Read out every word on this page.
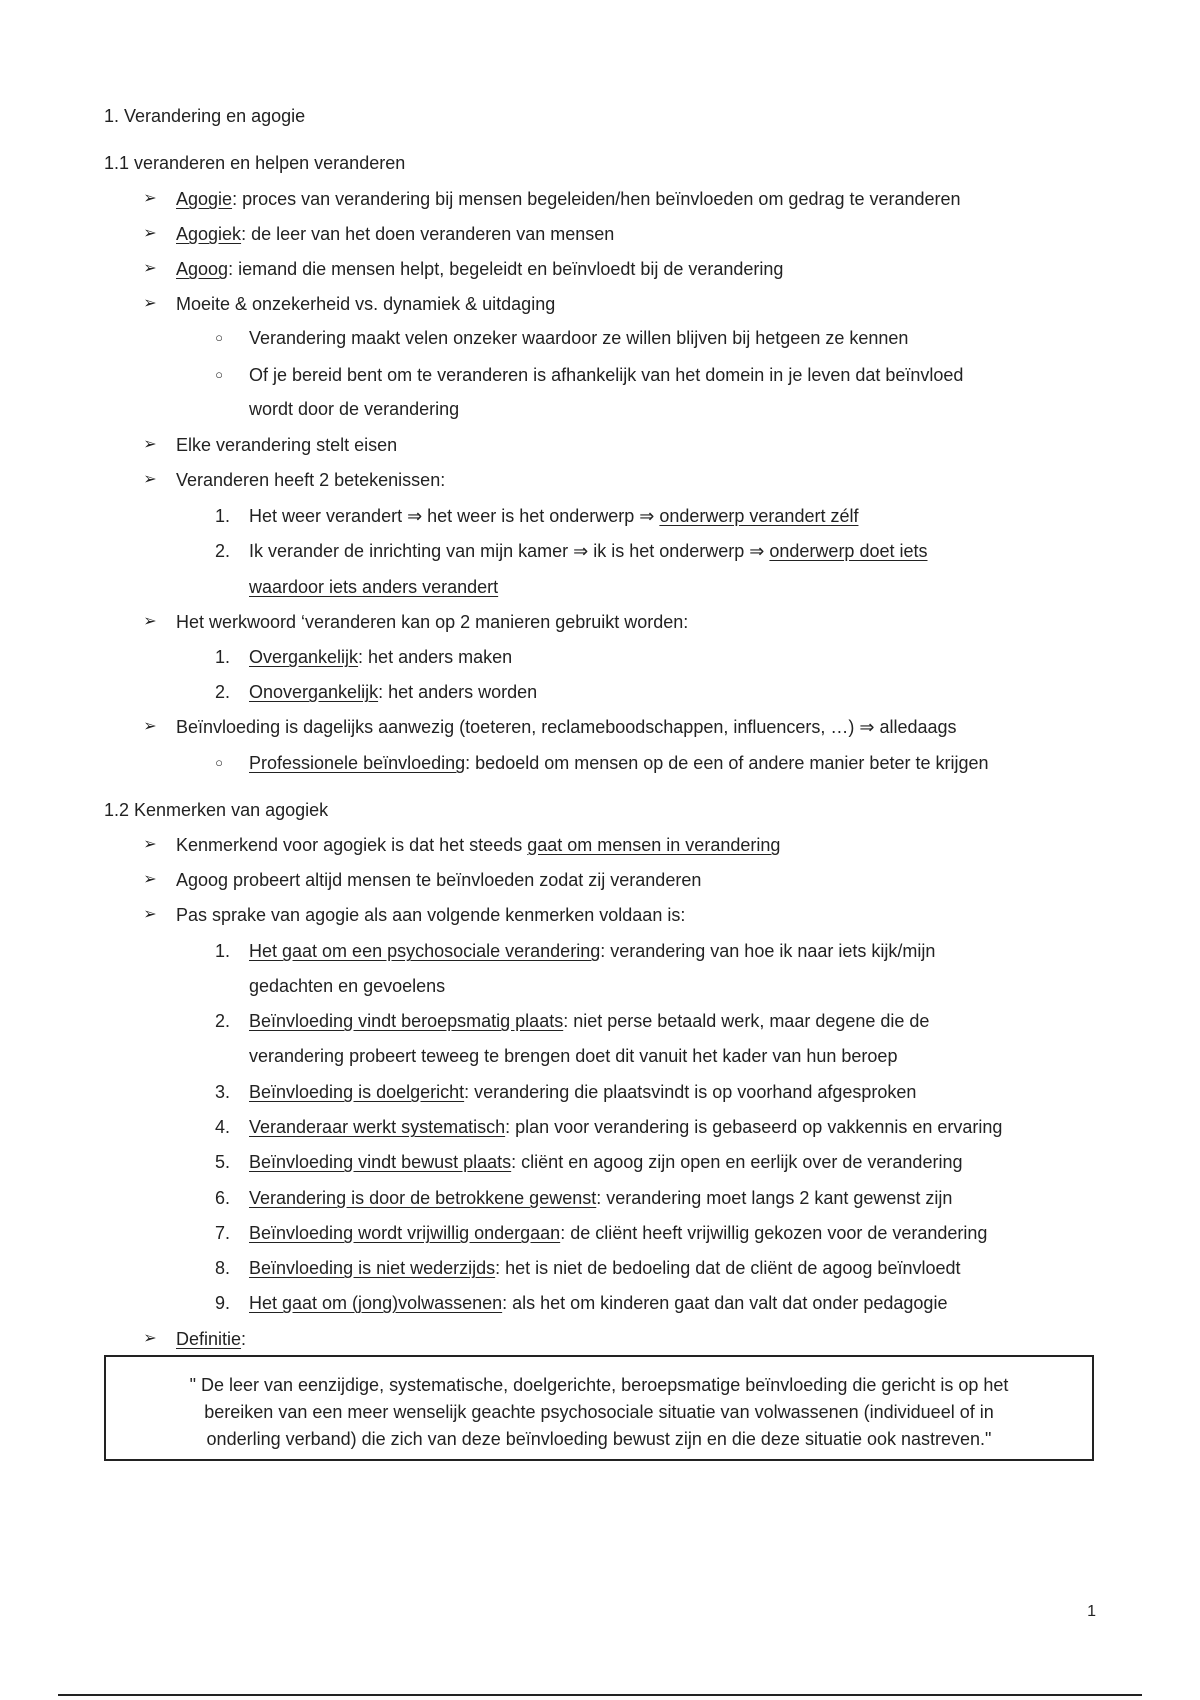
1. Verandering en agogie
1.1 veranderen en helpen veranderen
➢ Agogie: proces van verandering bij mensen begeleiden/hen beïnvloeden om gedrag te veranderen
➢ Agogiek: de leer van het doen veranderen van mensen
➢ Agoog: iemand die mensen helpt, begeleidt en beïnvloedt bij de verandering
➢ Moeite & onzekerheid vs. dynamiek & uitdaging
○	Verandering maakt velen onzeker waardoor ze willen blijven bij hetgeen ze kennen
○	Of je bereid bent om te veranderen is afhankelijk van het domein in je leven dat beïnvloed
wordt door de verandering
➢ Elke verandering stelt eisen
➢ Veranderen heeft 2 betekenissen:
1. Het weer verandert ⇒ het weer is het onderwerp ⇒ onderwerp verandert zélf
2. Ik verander de inrichting van mijn kamer ⇒ ik is het onderwerp ⇒ onderwerp doet iets
waardoor iets anders verandert
➢ Het werkwoord ‘veranderen kan op 2 manieren gebruikt worden:
1. Overgankelijk: het anders maken
2. Onovergankelijk: het anders worden
➢ Beïnvloeding is dagelijks aanwezig (toeteren, reclameboodschappen, influencers, …) ⇒ alledaags
○	Professionele beïnvloeding: bedoeld om mensen op de een of andere manier beter te krijgen
1.2 Kenmerken van agogiek
➢ Kenmerkend voor agogiek is dat het steeds gaat om mensen in verandering
➢ Agoog probeert altijd mensen te beïnvloeden zodat zij veranderen
➢ Pas sprake van agogie als aan volgende kenmerken voldaan is:
1. Het gaat om een psychosociale verandering: verandering van hoe ik naar iets kijk/mijn
gedachten en gevoelens
2. Beïnvloeding vindt beroepsmatig plaats: niet perse betaald werk, maar degene die de
verandering probeert teweeg te brengen doet dit vanuit het kader van hun beroep
3. Beïnvloeding is doelgericht: verandering die plaatsvindt is op voorhand afgesproken
4. Veranderaar werkt systematisch: plan voor verandering is gebaseerd op vakkennis en ervaring
5. Beïnvloeding vindt bewust plaats: cliënt en agoog zijn open en eerlijk over de verandering
6. Verandering is door de betrokkene gewenst: verandering moet langs 2 kant gewenst zijn
7. Beïnvloeding wordt vrijwillig ondergaan: de cliënt heeft vrijwillig gekozen voor de verandering
8. Beïnvloeding is niet wederzijds: het is niet de bedoeling dat de cliënt de agoog beïnvloedt
9. Het gaat om (jong)volwassenen: als het om kinderen gaat dan valt dat onder pedagogie
➢ Definitie:
" De leer van eenzijdige, systematische, doelgerichte, beroepsmatige beïnvloeding die gericht is op het
bereiken van een meer wenselijk geachte psychosociale situatie van volwassenen (individueel of in
onderling verband) die zich van deze beïnvloeding bewust zijn en die deze situatie ook nastreven."
1
